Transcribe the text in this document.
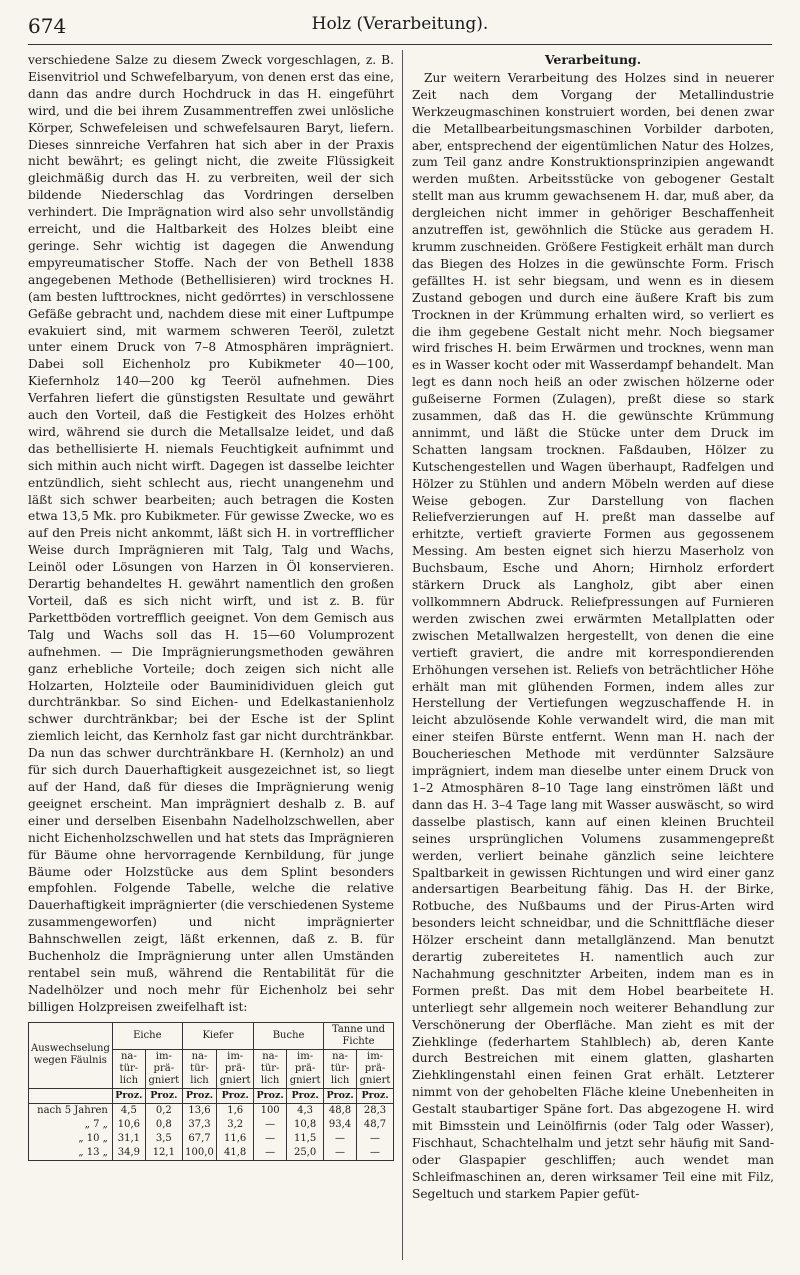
674	Holz (Verarbeitung).

verschiedene Salze zu diesem Zweck vorgeschlagen, z. B. Eisenvitriol und Schwefelbaryum, von denen erst das eine, dann das andre durch Hochdruck in das H. eingeführt wird, und die bei ihrem Zusammentreffen zwei unlösliche Körper, Schwefeleisen und schwefelsauren Baryt, liefern. Dieses sinnreiche Verfahren hat sich aber in der Praxis nicht bewährt; es gelingt nicht, die zweite Flüssigkeit gleichmäßig durch das H. zu verbreiten, weil der sich bildende Niederschlag das Vordringen derselben verhindert. Die Imprägnation wird also sehr unvollständig erreicht, und die Haltbarkeit des Holzes bleibt eine geringe. Sehr wichtig ist dagegen die Anwendung empyreumatischer Stoffe. Nach der von Bethell 1838 angegebenen Methode (Bethellisieren) wird trocknes H. (am besten lufttrocknes, nicht gedörrtes) in verschlossene Gefäße gebracht und, nachdem diese mit einer Luftpumpe evakuiert sind, mit warmem schweren Teeröl, zuletzt unter einem Druck von 7–8 Atmosphären imprägniert. Dabei soll Eichenholz pro Kubikmeter 40—100, Kiefernholz 140—200 kg Teeröl aufnehmen. Dies Verfahren liefert die günstigsten Resultate und gewährt auch den Vorteil, daß die Festigkeit des Holzes erhöht wird, während sie durch die Metallsalze leidet, und daß das bethellisierte H. niemals Feuchtigkeit aufnimmt und sich mithin auch nicht wirft. Dagegen ist dasselbe leichter entzündlich, sieht schlecht aus, riecht unangenehm und läßt sich schwer bearbeiten; auch betragen die Kosten etwa 13,5 Mk. pro Kubikmeter. Für gewisse Zwecke, wo es auf den Preis nicht ankommt, läßt sich H. in vortrefflicher Weise durch Imprägnieren mit Talg, Talg und Wachs, Leinöl oder Lösungen von Harzen in Öl konservieren. Derartig behandeltes H. gewährt namentlich den großen Vorteil, daß es sich nicht wirft, und ist z. B. für Parkettböden vortrefflich geeignet. Von dem Gemisch aus Talg und Wachs soll das H. 15—60 Volumprozent aufnehmen. — Die Imprägnierungsmethoden gewähren ganz erhebliche Vorteile; doch zeigen sich nicht alle Holzarten, Holzteile oder Bauminidividuen gleich gut durchtränkbar. So sind Eichen- und Edelkastanienholz schwer durchtränkbar; bei der Esche ist der Splint ziemlich leicht, das Kernholz fast gar nicht durchtränkbar. Da nun das schwer durchtränkbare H. (Kernholz) an und für sich durch Dauerhaftigkeit ausgezeichnet ist, so liegt auf der Hand, daß für dieses die Imprägnierung wenig geeignet erscheint. Man imprägniert deshalb z. B. auf einer und derselben Eisenbahn Nadelholzschwellen, aber nicht Eichenholzschwellen und hat stets das Imprägnieren für Bäume ohne hervorragende Kernbildung, für junge Bäume oder Holzstücke aus dem Splint besonders empfohlen. Folgende Tabelle, welche die relative Dauerhaftigkeit imprägnierter (die verschiedenen Systeme zusammengeworfen) und nicht imprägnierter Bahnschwellen zeigt, läßt erkennen, daß z. B. für Buchenholz die Imprägnierung unter allen Umständen rentabel sein muß, während die Rentabilität für die Nadelhölzer und noch mehr für Eichenholz bei sehr billigen Holzpreisen zweifelhaft ist:

Auswechselung wegen Fäulnis	Eiche		Kiefer		Buche		Tanne und Fichte	
	na- tür- lich	im- prä- gniert	na- tür- lich	im- prä- gniert	na- tür- lich	im- prä- gniert	na- tür- lich	im- prä- gniert
	Proz.	Proz.	Proz.	Proz.	Proz.	Proz.	Proz.	Proz.
nach 5 Jahren	4,5	0,2	13,6	1,6	100	4,3	48,8	28,3
„ 7 „	10,6	0,8	37,3	3,2	—	10,8	93,4	48,7
„ 10 „	31,1	3,5	67,7	11,6	—	11,5	—	—
„ 13 „	34,9	12,1	100,0	41,8	—	25,0	—	—
Verarbeitung.

Zur weitern Verarbeitung des Holzes sind in neuerer Zeit nach dem Vorgang der Metallindustrie Werkzeugmaschinen konstruiert worden, bei denen zwar die Metallbearbeitungsmaschinen Vorbilder darboten, aber, entsprechend der eigentümlichen Natur des Holzes, zum Teil ganz andre Konstruktionsprinzipien angewandt werden mußten. Arbeitsstücke von gebogener Gestalt stellt man aus krumm gewachsenem H. dar, muß aber, da dergleichen nicht immer in gehöriger Beschaffenheit anzutreffen ist, gewöhnlich die Stücke aus geradem H. krumm zuschneiden. Größere Festigkeit erhält man durch das Biegen des Holzes in die gewünschte Form. Frisch gefälltes H. ist sehr biegsam, und wenn es in diesem Zustand gebogen und durch eine äußere Kraft bis zum Trocknen in der Krümmung erhalten wird, so verliert es die ihm gegebene Gestalt nicht mehr. Noch biegsamer wird frisches H. beim Erwärmen und trocknes, wenn man es in Wasser kocht oder mit Wasserdampf behandelt. Man legt es dann noch heiß an oder zwischen hölzerne oder gußeiserne Formen (Zulagen), preßt diese so stark zusammen, daß das H. die gewünschte Krümmung annimmt, und läßt die Stücke unter dem Druck im Schatten langsam trocknen. Faßdauben, Hölzer zu Kutschengestellen und Wagen überhaupt, Radfelgen und Hölzer zu Stühlen und andern Möbeln werden auf diese Weise gebogen. Zur Darstellung von flachen Reliefverzierungen auf H. preßt man dasselbe auf erhitzte, vertieft gravierte Formen aus gegossenem Messing. Am besten eignet sich hierzu Maserholz von Buchsbaum, Esche und Ahorn; Hirnholz erfordert stärkern Druck als Langholz, gibt aber einen vollkommnern Abdruck. Reliefpressungen auf Furnieren werden zwischen zwei erwärmten Metallplatten oder zwischen Metallwalzen hergestellt, von denen die eine vertieft graviert, die andre mit korrespondierenden Erhöhungen versehen ist. Reliefs von beträchtlicher Höhe erhält man mit glühenden Formen, indem alles zur Herstellung der Vertiefungen wegzuschaffende H. in leicht abzulösende Kohle verwandelt wird, die man mit einer steifen Bürste entfernt. Wenn man H. nach der Boucherieschen Methode mit verdünnter Salzsäure imprägniert, indem man dieselbe unter einem Druck von 1–2 Atmosphären 8–10 Tage lang einströmen läßt und dann das H. 3–4 Tage lang mit Wasser auswäscht, so wird dasselbe plastisch, kann auf einen kleinen Bruchteil seines ursprünglichen Volumens zusammengepreßt werden, verliert beinahe gänzlich seine leichtere Spaltbarkeit in gewissen Richtungen und wird einer ganz andersartigen Bearbeitung fähig. Das H. der Birke, Rotbuche, des Nußbaums und der Pirus-Arten wird besonders leicht schneidbar, und die Schnittfläche dieser Hölzer erscheint dann metallglänzend. Man benutzt derartig zubereitetes H. namentlich auch zur Nachahmung geschnitzter Arbeiten, indem man es in Formen preßt. Das mit dem Hobel bearbeitete H. unterliegt sehr allgemein noch weiterer Behandlung zur Verschönerung der Oberfläche. Man zieht es mit der Ziehklinge (federhartem Stahlblech) ab, deren Kante durch Bestreichen mit einem glatten, glasharten Ziehklingenstahl einen feinen Grat erhält. Letzterer nimmt von der gehobelten Fläche kleine Unebenheiten in Gestalt staubartiger Späne fort. Das abgezogene H. wird mit Bimsstein und Leinölfirnis (oder Talg oder Wasser), Fischhaut, Schachtelhalm und jetzt sehr häufig mit Sand- oder Glaspapier geschliffen; auch wendet man Schleifmaschinen an, deren wirksamer Teil eine mit Filz, Segeltuch und starkem Papier gefüt-
